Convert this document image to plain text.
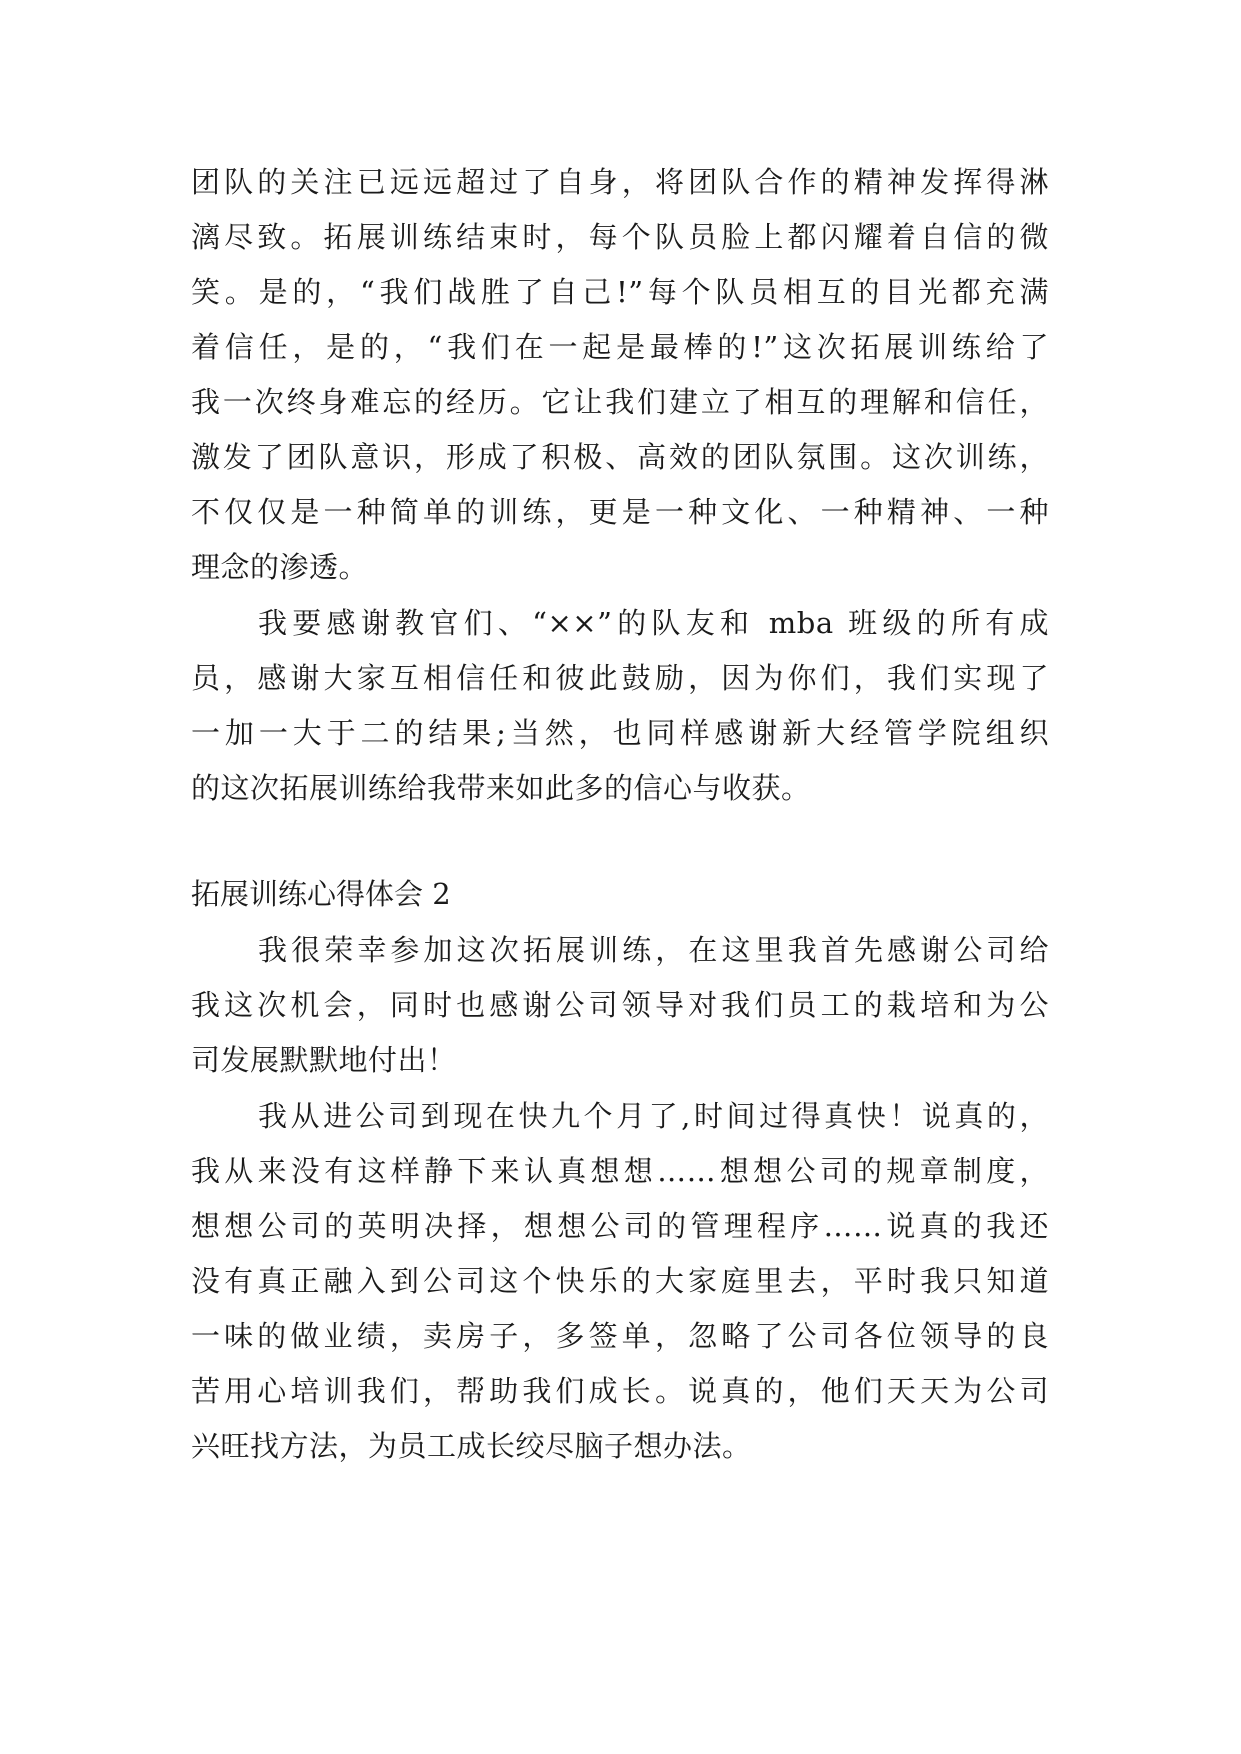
团队的关注已远远超过了自身，将团队合作的精神发挥得淋
漓尽致。拓展训练结束时，每个队员脸上都闪耀着自信的微
笑。是的，“我们战胜了自己!”每个队员相互的目光都充满
着信任，是的，“我们在一起是最棒的!”这次拓展训练给了
我一次终身难忘的经历。它让我们建立了相互的理解和信任，
激发了团队意识，形成了积极、高效的团队氛围。这次训练，
不仅仅是一种简单的训练，更是一种文化、一种精神、一种
理念的渗透。
我要感谢教官们、“××”的队友和 mba 班级的所有成
员，感谢大家互相信任和彼此鼓励，因为你们，我们实现了
一加一大于二的结果;当然，也同样感谢新大经管学院组织
的这次拓展训练给我带来如此多的信心与收获。
拓展训练心得体会 2
我很荣幸参加这次拓展训练，在这里我首先感谢公司给
我这次机会，同时也感谢公司领导对我们员工的栽培和为公
司发展默默地付出！
我从进公司到现在快九个月了,时间过得真快！说真的，
我从来没有这样静下来认真想想……想想公司的规章制度，
想想公司的英明决择，想想公司的管理程序……说真的我还
没有真正融入到公司这个快乐的大家庭里去，平时我只知道
一味的做业绩，卖房子，多签单，忽略了公司各位领导的良
苦用心培训我们，帮助我们成长。说真的，他们天天为公司
兴旺找方法，为员工成长绞尽脑子想办法。
